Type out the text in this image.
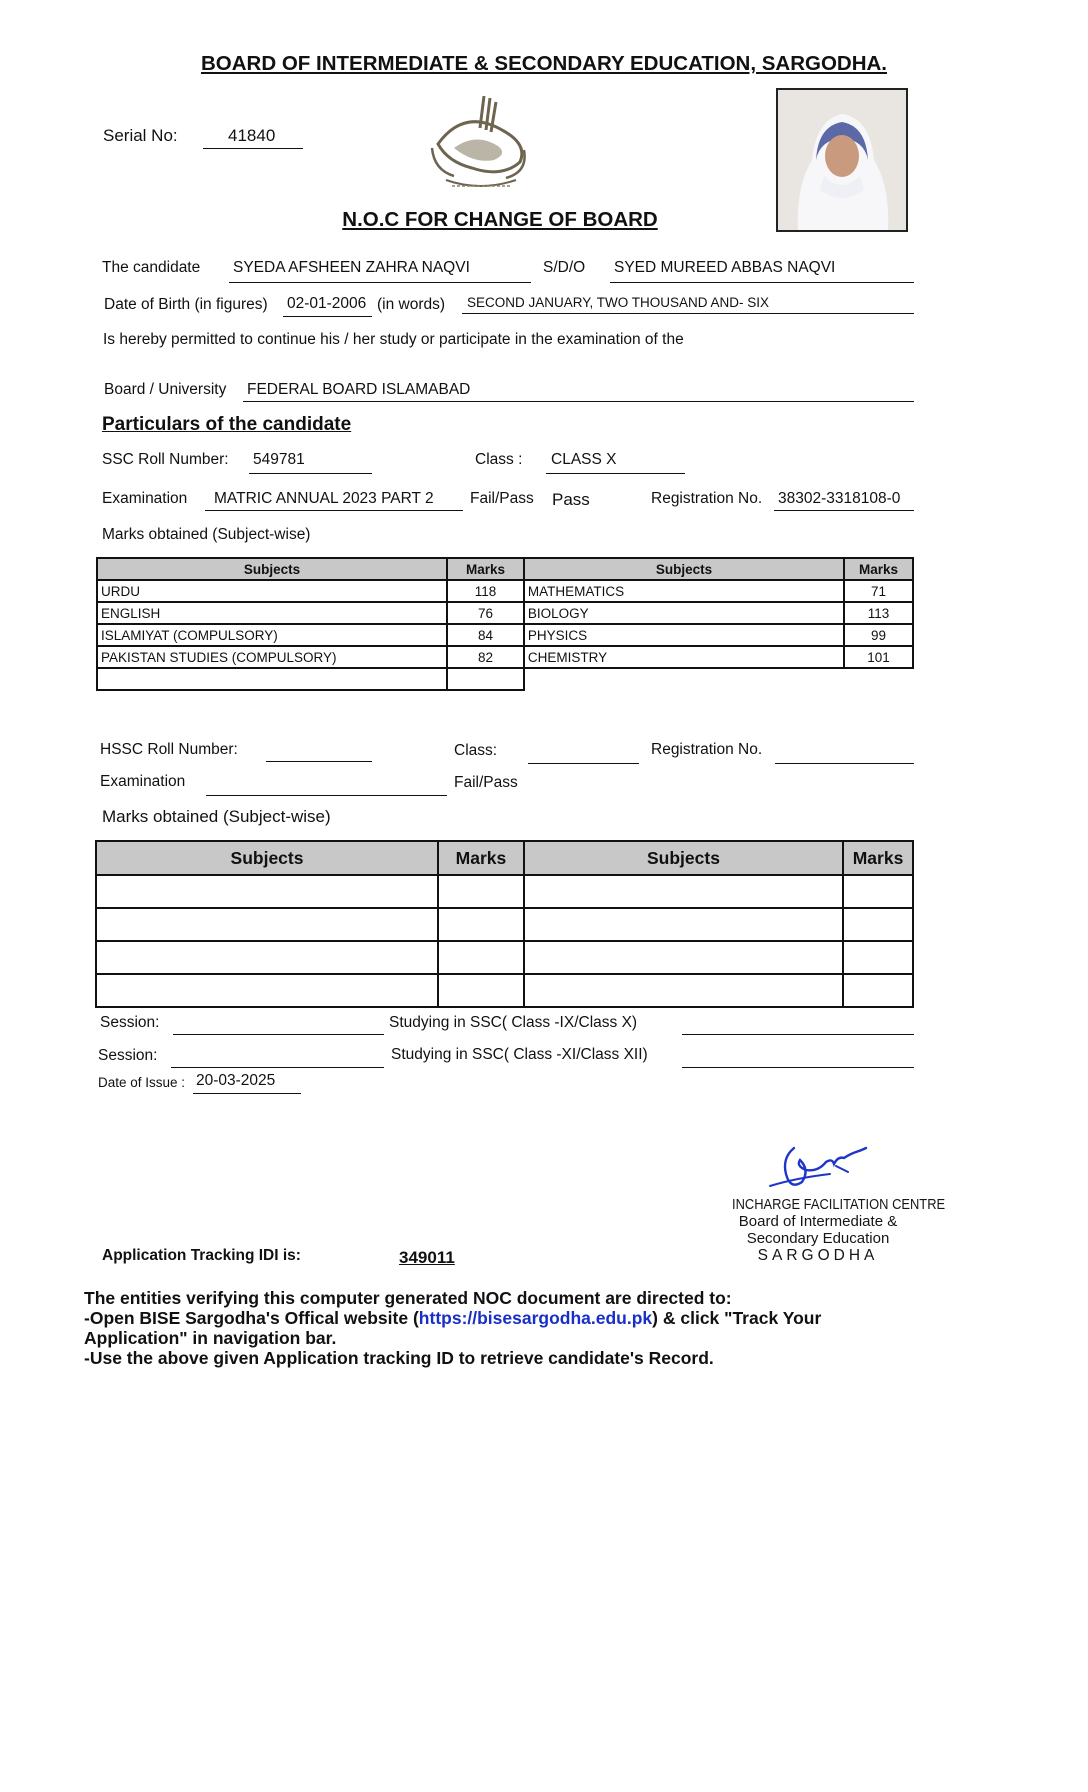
BOARD OF INTERMEDIATE & SECONDARY EDUCATION, SARGODHA.
Serial No:	41840
N.O.C FOR CHANGE OF BOARD
The candidate SYEDA AFSHEEN ZAHRA NAQVI	S/D/O SYED MUREED ABBAS NAQVI
Date of Birth (in figures) 02-01-2006 (in words) SECOND JANUARY, TWO THOUSAND AND- SIX
Is hereby permitted to continue his / her study or participate in the examination of the
Board / University FEDERAL BOARD ISLAMABAD
Particulars of the candidate
SSC Roll Number: 549781	Class : CLASS X
Examination MATRIC ANNUAL 2023 PART 2 Fail/Pass Pass	Registration No. 38302-3318108-0
Marks obtained (Subject-wise)
Subjects	Marks	Subjects	Marks
URDU	118	MATHEMATICS	71
ENGLISH	76	BIOLOGY	113
ISLAMIYAT (COMPULSORY)	84	PHYSICS	99
PAKISTAN STUDIES (COMPULSORY)	82	CHEMISTRY	101

HSSC Roll Number:	Class:	Registration No.
Examination	Fail/Pass
Marks obtained (Subject-wise)
Subjects	Marks	Subjects	Marks

Session:	Studying in SSC( Class -IX/Class X)
Session:	Studying in SSC( Class -XI/Class XII)
Date of Issue : 20-03-2025
INCHARGE FACILITATION CENTRE
Board of Intermediate &
Secondary Education
SARGODHA
Application Tracking IDI is:	349011
The entities verifying this computer generated NOC document are directed to:
-Open BISE Sargodha's Offical website (https://bisesargodha.edu.pk) & click "Track Your
Application" in navigation bar.
-Use the above given Application tracking ID to retrieve candidate's Record.
